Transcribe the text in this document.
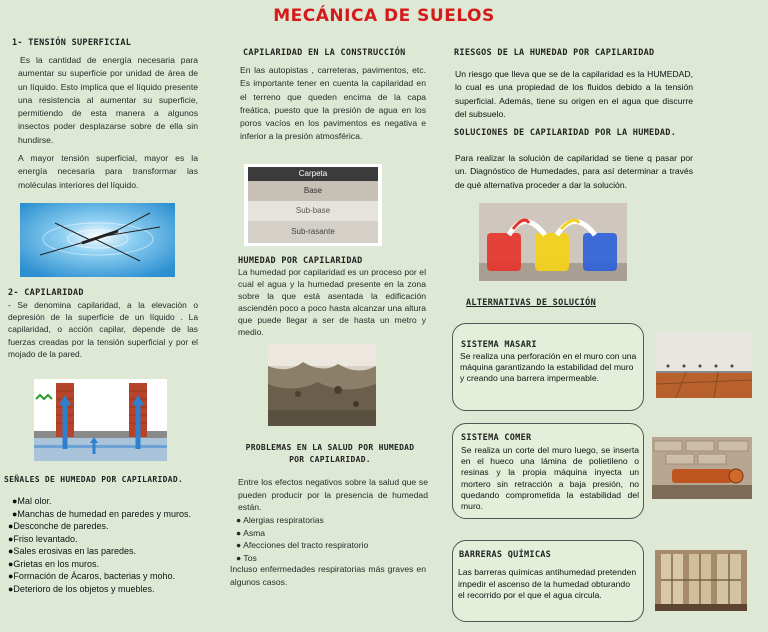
MECÁNICA DE SUELOS
1- TENSIÓN SUPERFICIAL
Es la cantidad de energía necesaria para aumentar su superficie por unidad de área de un líquido. Esto implica que el líquido presente una resistencia al aumentar su superficie, permitiendo de esta manera a algunos insectos poder desplazarse sobre de ella sin hundirse.
A mayor tensión superficial, mayor es la energía necesaria para transformar las moléculas interiores del líquido.
2- CAPILARIDAD
- Se denomina capilaridad, a la elevación o depresión de la superficie de un líquido . La capilaridad, o acción capilar, depende de las fuerzas creadas por la tensión superficial y por el mojado de la pared.
SEÑALES DE HUMEDAD POR CAPILARIDAD.
●Mal olor.
●Manchas de humedad en paredes y muros.
●Desconche de paredes.
●Friso levantado.
●Sales erosivas en las paredes.
●Grietas en los muros.
●Formación de Ácaros, bacterias y moho.
●Deterioro de los objetos y muebles.
CAPILARIDAD EN LA CONSTRUCCIÓN
En las autopistas , carreteras, pavimentos, etc. Es importante tener en cuenta la capilaridad en el terreno que queden encima de la capa freática, puesto que la presión de agua en los poros vacíos en los pavimentos es negativa e inferior a la presión atmosférica.
Carpeta
Base
Sub-base
Sub-rasante
HUMEDAD POR CAPILARIDAD
La humedad por capilaridad es un proceso por el cual el agua y la humedad presente en la zona sobre la que está asentada la edificación asciendén poco a poco hasta alcanzar una altura que puede llegar a ser de hasta un metro y medio.
PROBLEMAS EN LA SALUD POR HUMEDAD POR CAPILARIDAD.
Entre los efectos negativos sobre la salud que se pueden producir por la presencia de humedad están.
● Alergias respiratorias
● Asma
● Afecciones del tracto respiratorio
● Tos
Incluso enfermedades respiratorias más graves en algunos casos.
RIESGOS DE LA HUMEDAD POR CAPILARIDAD
Un riesgo que lleva que se de la capilaridad es la HUMEDAD, lo cual es una propiedad de los fluidos debido a la tensión superficial. Además, tiene su origen en el agua que discurre del subsuelo.
SOLUCIONES DE CAPILARIDAD POR LA HUMEDAD.
Para realizar la solución de capilaridad se tiene q pasar por un. Diagnóstico de Humedades, para así determinar a través de qué alternativa proceder a dar la solución.
ALTERNATIVAS DE SOLUCIÓN
SISTEMA MASARI
Se realiza una perforación en el muro con una máquina garantizando la estabilidad del muro y creando una barrera impermeable.
SISTEMA COMER
Se realiza un corte del muro luego, se inserta en el hueco una lámina de polietileno o resinas y la propia máquina inyecta un mortero sin retracción a baja presión, no quedando comprometida la estabilidad del muro.
BARRERAS QUÍMICAS
Las barreras químicas antihumedad pretenden impedir el ascenso de la humedad obturando el recorrido por el que el agua circula.
